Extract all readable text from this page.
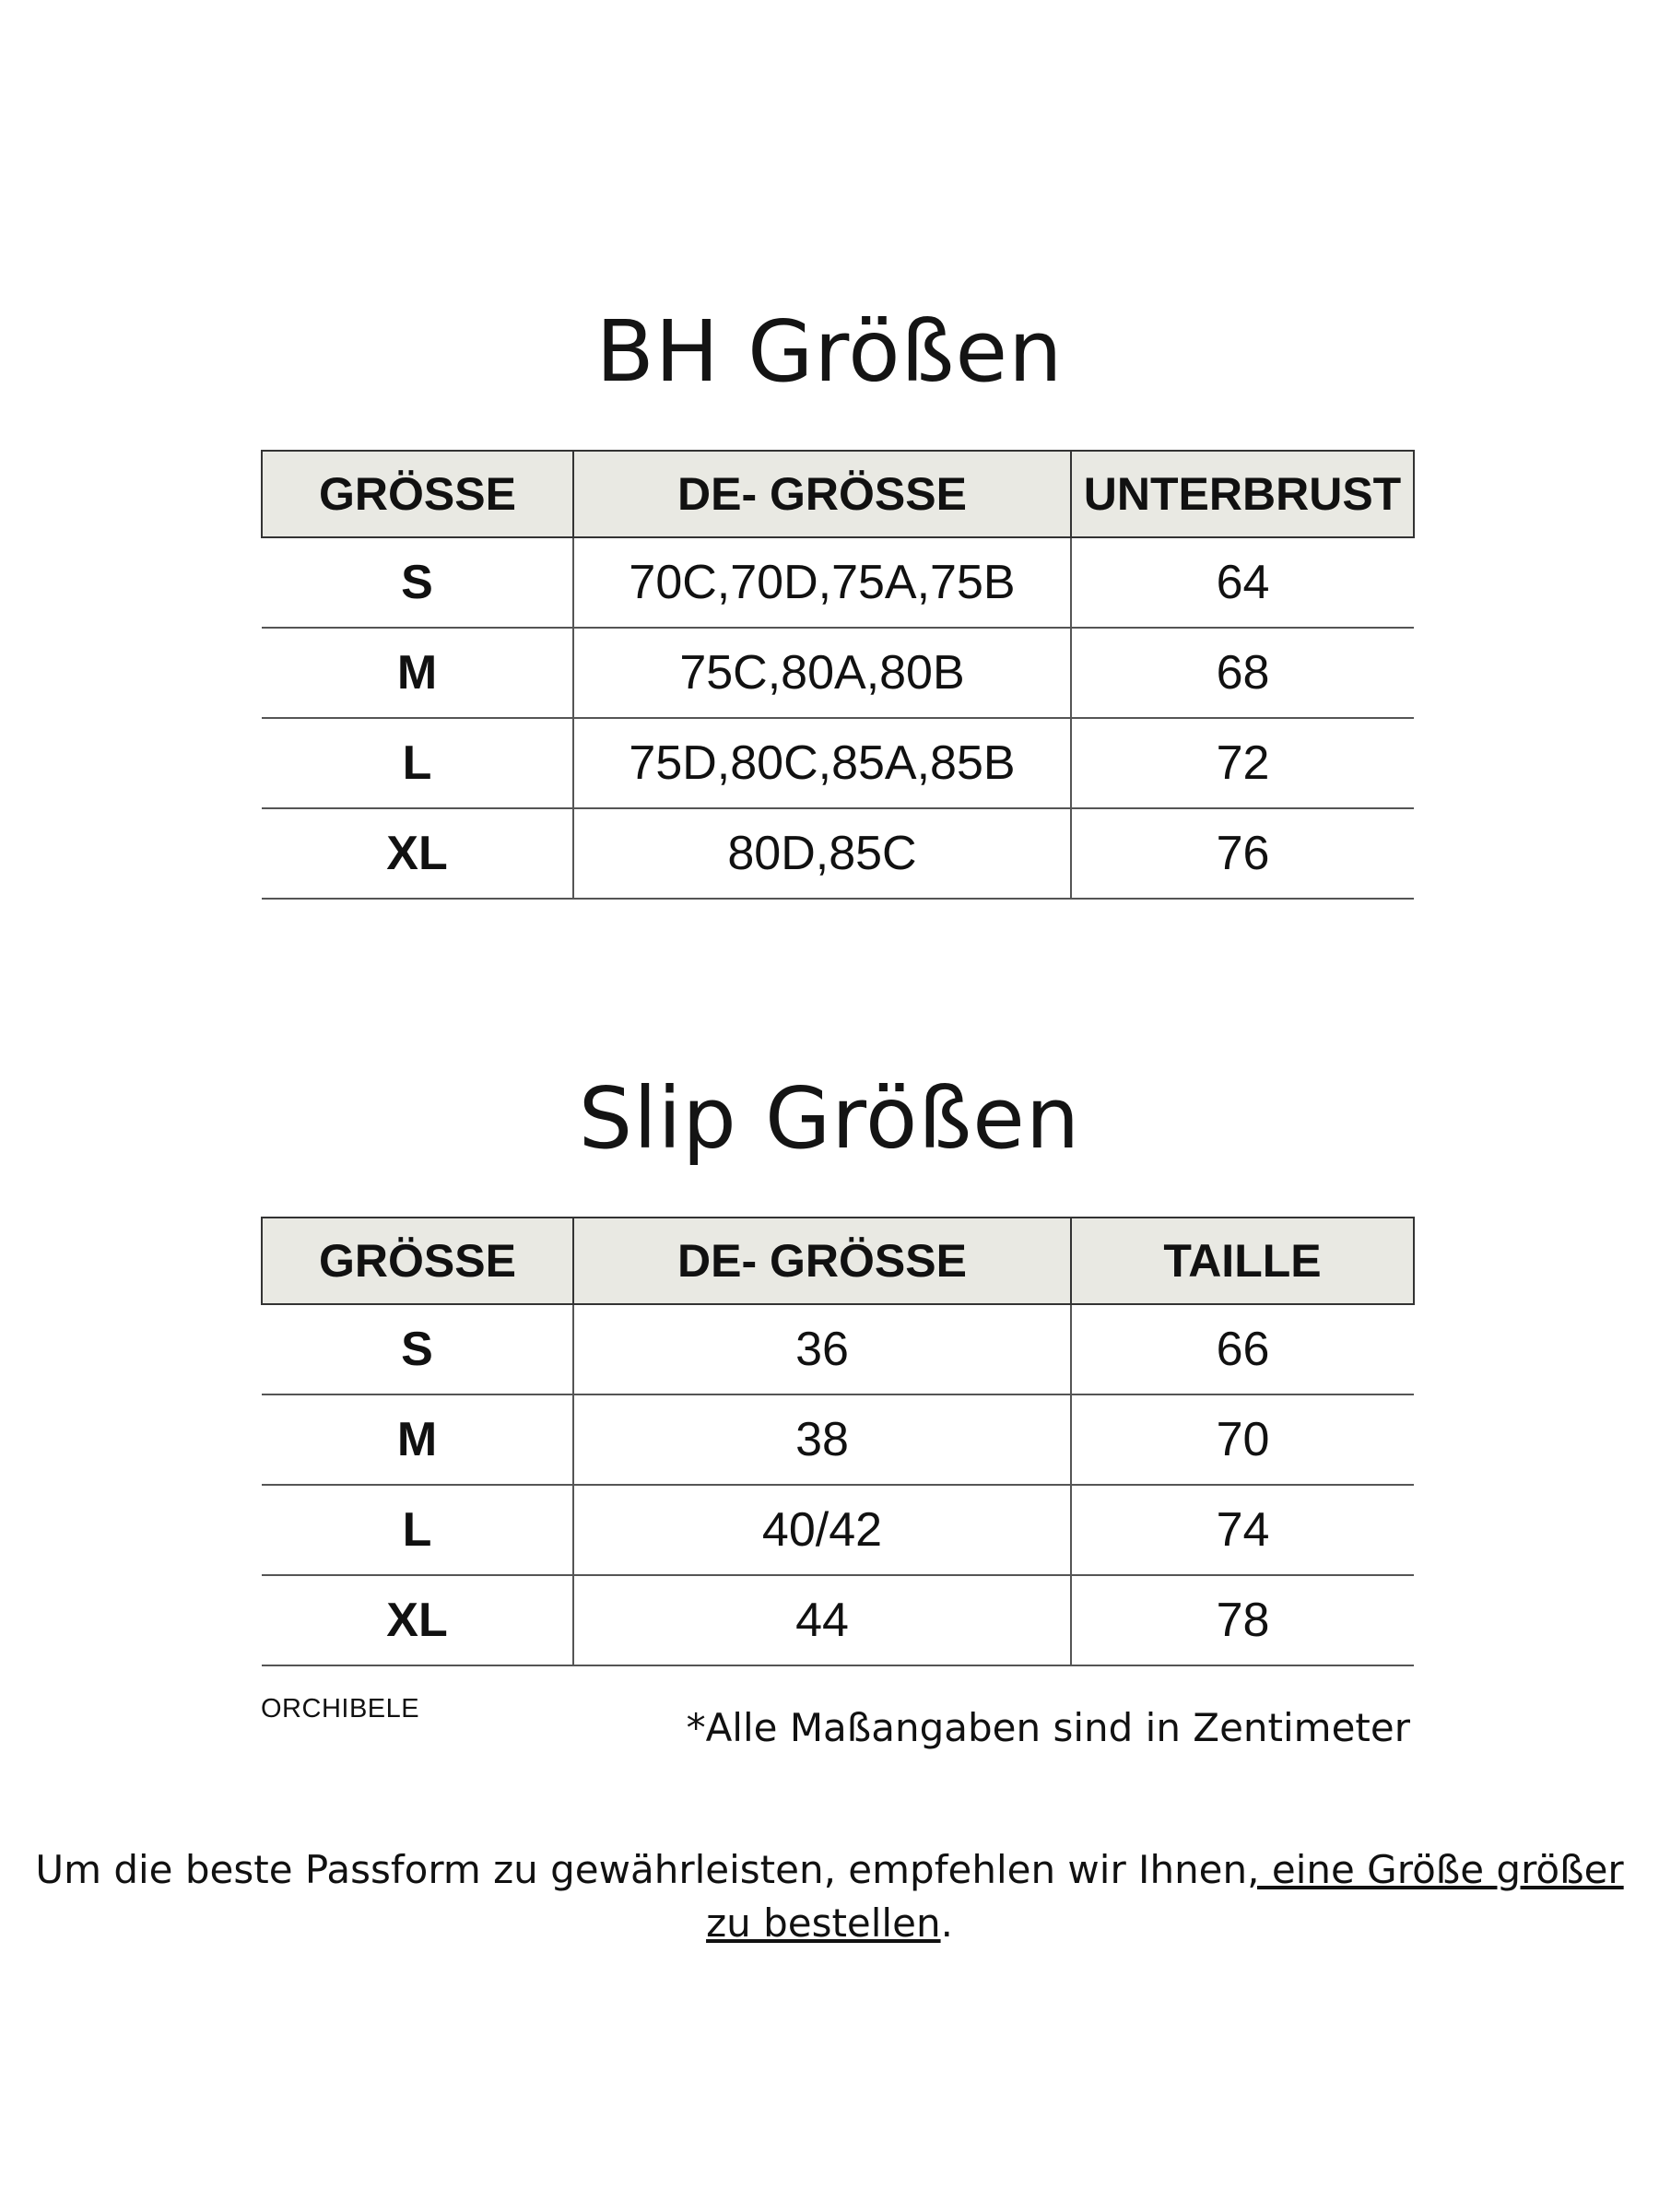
BH Größen
GRÖSSE	DE- GRÖSSE	UNTERBRUST
S	70C,70D,75A,75B	64
M	75C,80A,80B	68
L	75D,80C,85A,85B	72
XL	80D,85C	76
Slip Größen
GRÖSSE	DE- GRÖSSE	TAILLE
S	36	66
M	38	70
L	40/42	74
XL	44	78
ORCHIBELE	*Alle Maßangaben sind in Zentimeter

Um die beste Passform zu gewährleisten, empfehlen wir Ihnen, eine Größe größer zu bestellen.
